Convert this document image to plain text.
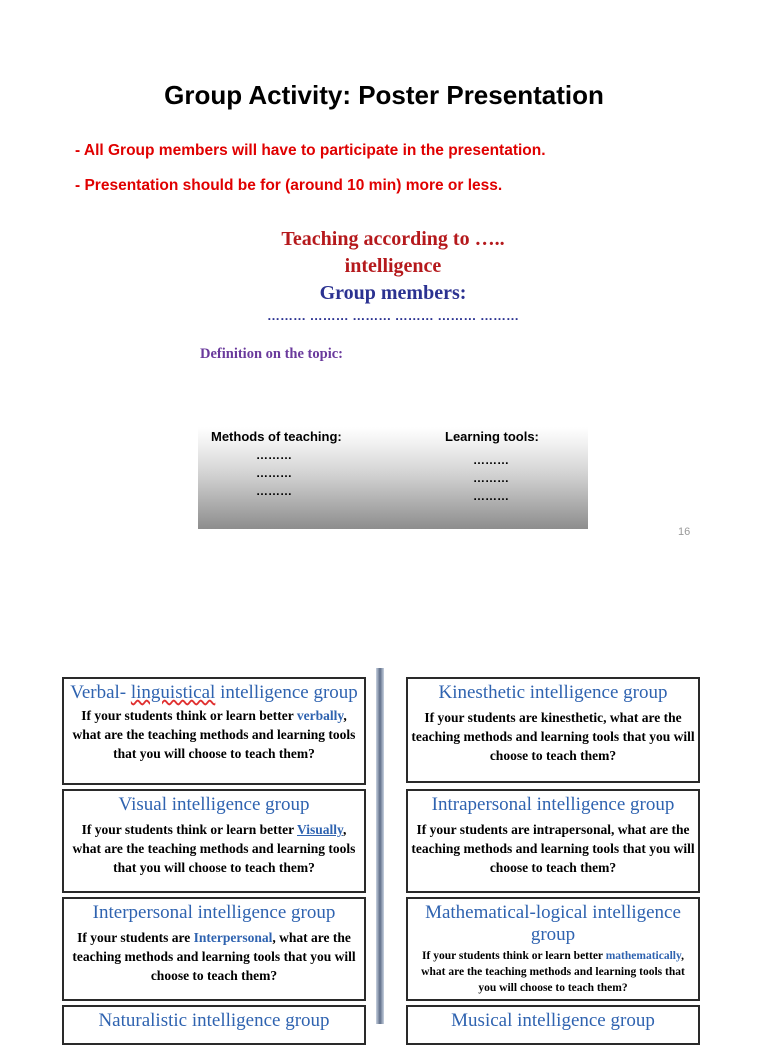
Group Activity: Poster Presentation
- All Group members will have to participate in the presentation.
- Presentation should be for (around 10 min) more or less.
Teaching according to …..
intelligence
Group members:
……… ……… ……… ……… ……… ………
Definition on the topic:
Methods of teaching:	Learning tools:
………
………
………
………
………
………
16
Verbal- linguistical intelligence group
If your students think or learn better verbally, what are the teaching methods and learning tools that you will choose to teach them?
Visual intelligence group
If your students think or learn better Visually, what are the teaching methods and learning tools that you will choose to teach them?
Interpersonal intelligence group
If your students are Interpersonal, what are the teaching methods and learning tools that you will choose to teach them?
Naturalistic intelligence group
Kinesthetic intelligence group
If your students are kinesthetic, what are the teaching methods and learning tools that you will choose to teach them?
Intrapersonal intelligence group
If your students are intrapersonal, what are the teaching methods and learning tools that you will choose to teach them?
Mathematical-logical intelligence group
If your students think or learn better mathematically, what are the teaching methods and learning tools that you will choose to teach them?
Musical intelligence group
